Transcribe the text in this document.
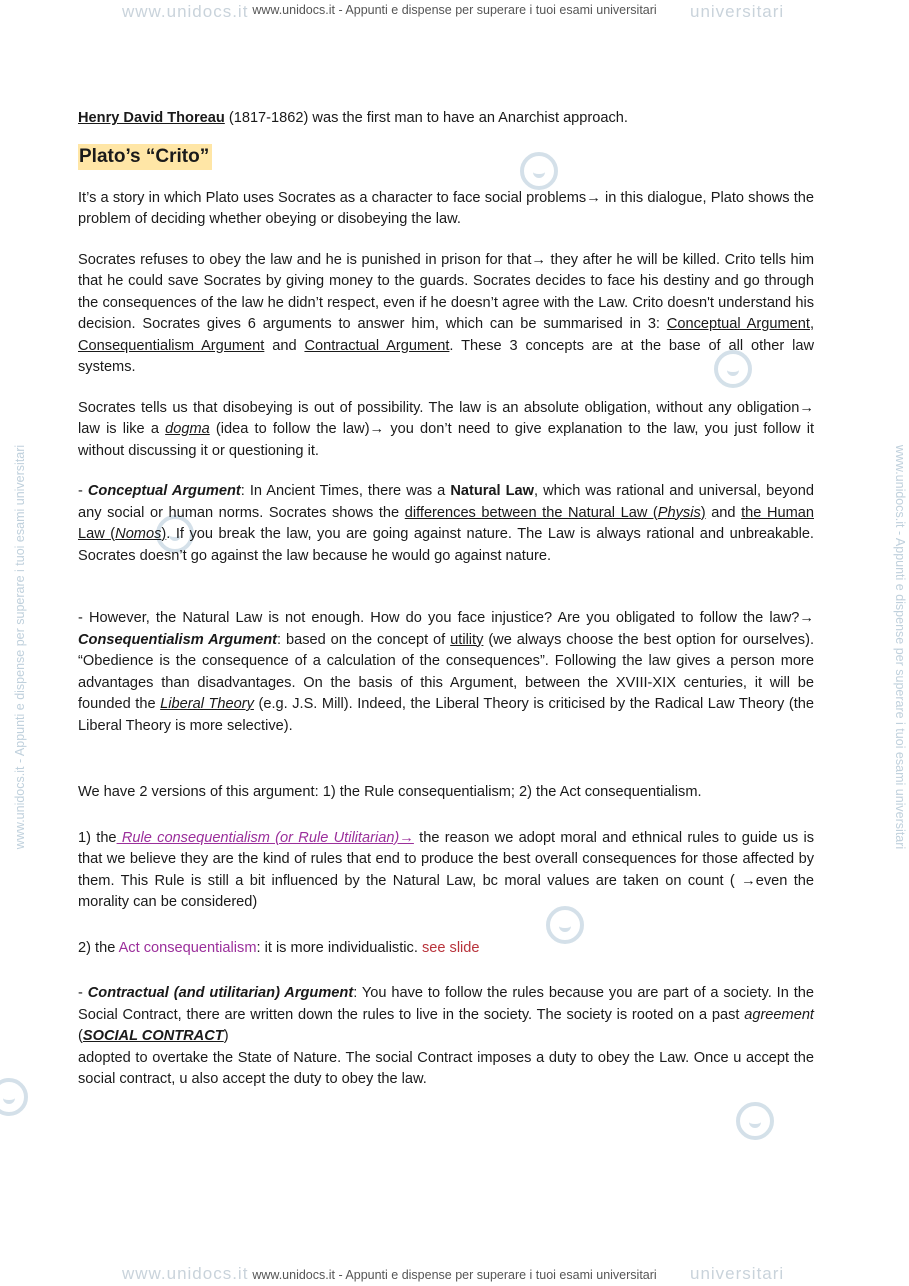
www.unidocs.it	universitari
www.unidocs.it - Appunti e dispense per superare i tuoi esami universitari
www.unidocs.it	universitari
www.unidocs.it - Appunti e dispense per superare i tuoi esami universitari
www.unidocs.it - Appunti e dispense per superare i tuoi esami universitari	www.unidocs.it - Appunti e dispense per superare i tuoi esami universitari

Henry David Thoreau (1817-1862) was the first man to have an Anarchist approach.

Plato’s “Crito”

It’s a story in which Plato uses Socrates as a character to face social problems→ in this dialogue, Plato shows the problem of deciding whether obeying or disobeying the law.

Socrates refuses to obey the law and he is punished in prison for that→ they after he will be killed. Crito tells him that he could save Socrates by giving money to the guards. Socrates decides to face his destiny and go through the consequences of the law he didn’t respect, even if he doesn’t agree with the Law. Crito doesn't understand his decision. Socrates gives 6 arguments to answer him, which can be summarised in 3: Conceptual Argument, Consequentialism Argument and Contractual Argument. These 3 concepts are at the base of all other law systems.

Socrates tells us that disobeying is out of possibility. The law is an absolute obligation, without any obligation→ law is like a dogma (idea to follow the law)→ you don’t need to give explanation to the law, you just follow it without discussing it or questioning it.

- Conceptual Argument: In Ancient Times, there was a Natural Law, which was rational and universal, beyond any social or human norms. Socrates shows the differences between the Natural Law (Physis) and the Human Law (Nomos). If you break the law, you are going against nature. The Law is always rational and unbreakable. Socrates doesn’t go against the law because he would go against nature.

- However, the Natural Law is not enough. How do you face injustice? Are you obligated to follow the law?→ Consequentialism Argument: based on the concept of utility (we always choose the best option for ourselves). “Obedience is the consequence of a calculation of the consequences”. Following the law gives a person more advantages than disadvantages. On the basis of this Argument, between the XVIII-XIX centuries, it will be founded the Liberal Theory (e.g. J.S. Mill). Indeed, the Liberal Theory is criticised by the Radical Law Theory (the Liberal Theory is more selective).

We have 2 versions of this argument: 1) the Rule consequentialism; 2) the Act consequentialism.

1) the Rule consequentialism (or Rule Utilitarian)→ the reason we adopt moral and ethnical rules to guide us is that we believe they are the kind of rules that end to produce the best overall consequences for those affected by them. This Rule is still a bit influenced by the Natural Law, bc moral values are taken on count ( →even the morality can be considered)

2) the Act consequentialism: it is more individualistic. see slide

- Contractual (and utilitarian) Argument: You have to follow the rules because you are part of a society. In the Social Contract, there are written down the rules to live in the society. The society is rooted on a past agreement (SOCIAL CONTRACT)

adopted to overtake the State of Nature. The social Contract imposes a duty to obey the Law. Once u accept the social contract, u also accept the duty to obey the law.
